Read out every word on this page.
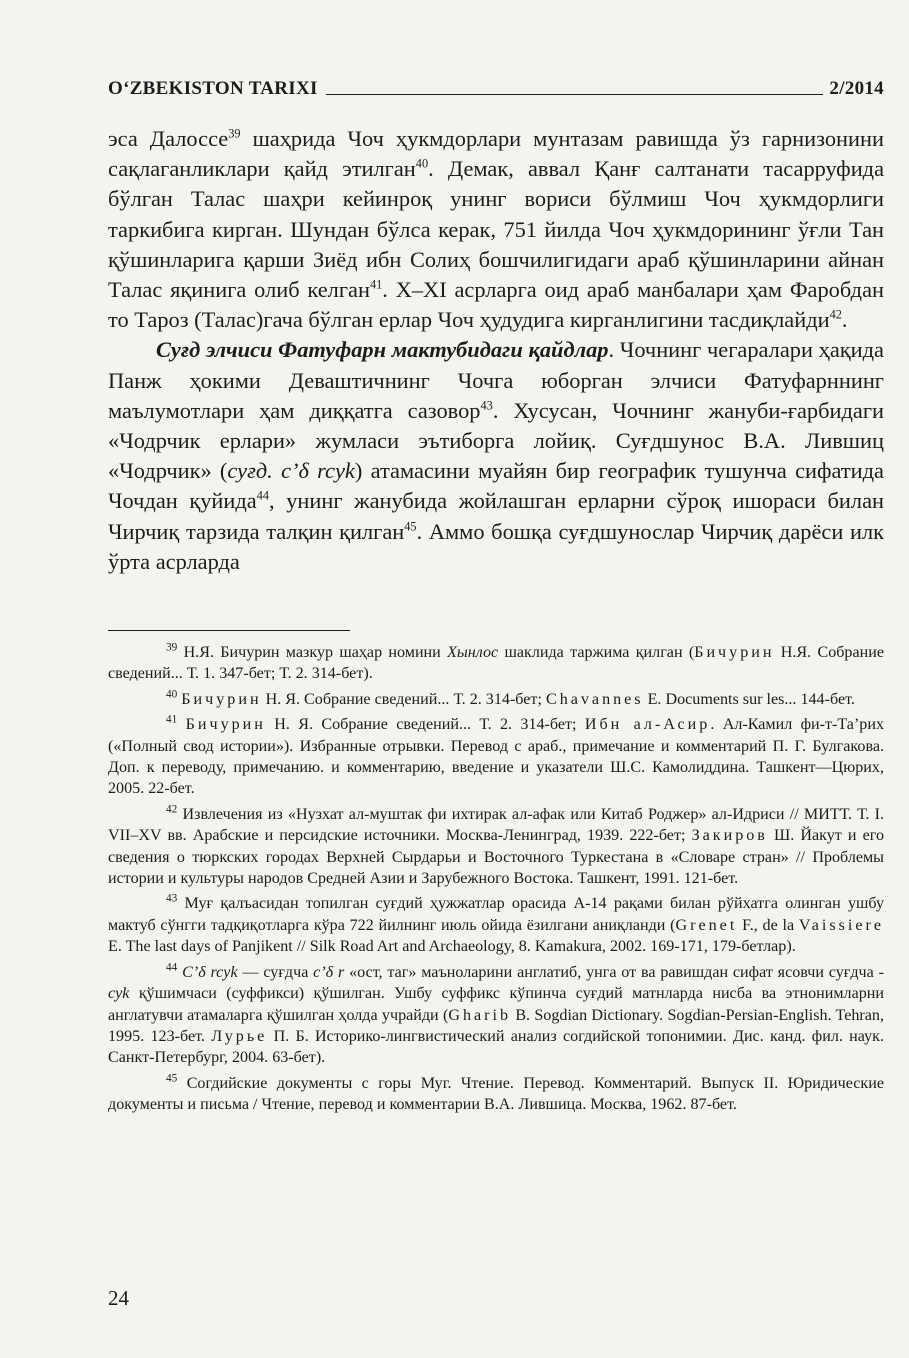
O‘ZBEKISTON TARIXI	2/2014

эса Далоссе$^{39}$ шаҳрида Чоч ҳукмдорлари мунтазам равишда ўз гарнизонини сақлаганликлари қайд этилган$^{40}$. Демак, аввал Қанғ салтанати тасарруфида бўлган Талас шаҳри кейинроқ унинг вориси бўлмиш Чоч ҳукмдорлиги таркибига кирган. Шундан бўлса керак, 751 йилда Чоч ҳукмдорининг ўғли Тан қўшинларига қарши Зиёд ибн Солиҳ бошчилигидаги араб қўшинларини айнан Талас яқинига олиб келган$^{41}$. X–XI асрларга оид араб манбалари ҳам Фаробдан то Тароз (Талас)гача бўлган ерлар Чоч ҳудудига кирганлигини тасдиқлайди$^{42}$.

Суғд элчиси Фатуфарн мактубидаги қайдлар. Чочнинг чегаралари ҳақида Панж ҳокими Деваштичнинг Чочга юборган элчиси Фатуфарннинг маълумотлари ҳам диққатга сазовор$^{43}$. Хусусан, Чочнинг жануби-ғарбидаги «Чодрчик ерлари» жумласи эътиборга лойиқ. Суғдшунос В.А. Лившиц «Чодрчик» (суғд. c’δ rcyk) атамасини муайян бир географик тушунча сифатида Чочдан қуйида$^{44}$, унинг жанубида жойлашган ерларни сўроқ ишораси билан Чирчиқ тарзида талқин қилган$^{45}$. Аммо бошқа суғдшунослар Чирчиқ дарёси илк ўрта асрларда

$^{39}$ Н.Я. Бичурин мазкур шаҳар номини Хынлос шаклида таржима қилган (Бичурин Н.Я. Собрание сведений... Т. 1. 347-бет; Т. 2. 314-бет).

$^{40}$ Бичурин Н. Я. Собрание сведений... Т. 2. 314-бет; Chavannes E. Documents sur les... 144-бет.

$^{41}$ Бичурин Н. Я. Собрание сведений... Т. 2. 314-бет; Ибн ал-Асир. Ал-Камил фи-т-Та’рих («Полный свод истории»). Избранные отрывки. Перевод с араб., примечание и комментарий П. Г. Булгакова. Доп. к переводу, примечанию. и комментарию, введение и указатели Ш.С. Камолиддина. Ташкент—Цюрих, 2005. 22-бет.

$^{42}$ Извлечения из «Нузхат ал-муштак фи ихтирак ал-афак или Китаб Роджер» ал-Идриси // МИТТ. Т. I. VII–XV вв. Арабские и персидские источники. Москва-Ленинград, 1939. 222-бет; Закиров Ш. Йакут и его сведения о тюркских городах Верхней Сырдарьи и Восточного Туркестана в «Словаре стран» // Проблемы истории и культуры народов Средней Азии и Зарубежного Востока. Ташкент, 1991. 121-бет.

$^{43}$ Муғ қалъасидан топилган суғдий ҳужжатлар орасида А-14 рақами билан рўйхатга олинган ушбу мактуб сўнгги тадқиқотларга кўра 722 йилнинг июль ойида ёзилгани аниқланди (Grenet F., de la Vaissiere E. The last days of Panjikent // Silk Road Art and Archaeology, 8. Kamakura, 2002. 169-171, 179-бетлар).

$^{44}$ C’δ rcyk — суғдча c’δ r «ост, таг» маъноларини англатиб, унга от ва равишдан сифат ясовчи суғдча -cyk қўшимчаси (суффикси) қўшилган. Ушбу суффикс кўпинча суғдий матнларда нисба ва этнонимларни англатувчи атамаларга қўшилган ҳолда учрайди (Gharib B. Sogdian Dictionary. Sogdian-Persian-English. Tehran, 1995. 123-бет. Лурье П. Б. Историко-лингвистический анализ согдийской топонимии. Дис. канд. фил. наук. Санкт-Петербург, 2004. 63-бет).

$^{45}$ Согдийские документы с горы Муг. Чтение. Перевод. Комментарий. Выпуск II. Юридические документы и письма / Чтение, перевод и комментарии В.А. Лившица. Москва, 1962. 87-бет.

24
